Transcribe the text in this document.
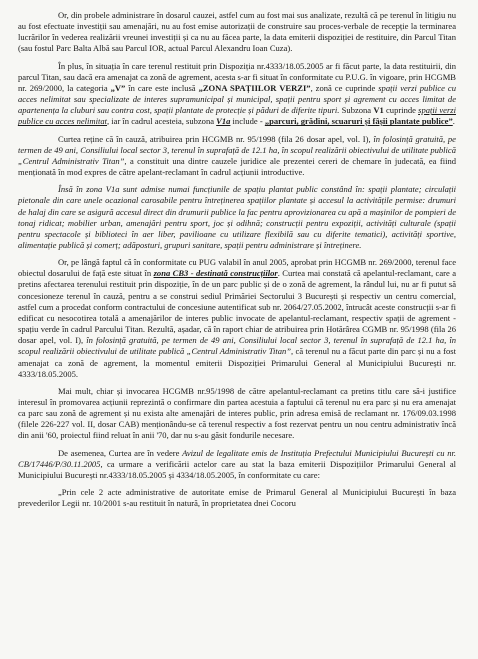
Or, din probele administrare în dosarul cauzei, astfel cum au fost mai sus analizate, rezultă că pe terenul în litigiu nu au fost efectuate investiții sau amenajări, nu au fost emise autorizații de construire sau proces-verbale de recepție la terminarea lucrărilor în vederea realizării vreunei investiții și ca nu au făcea parte, la data emiterii dispoziției de restituire, din Parcul Titan (sau fostul Parc Balta Albă sau Parcul IOR, actual Parcul Alexandru Ioan Cuza).

În plus, în situația în care terenul restituit prin Dispoziția nr.4333/18.05.2005 ar fi făcut parte, la data restituirii, din parcul Titan, sau dacă era amenajat ca zonă de agrement, acesta s-ar fi situat în conformitate cu P.U.G. în vigoare, prin HCGMB nr. 269/2000, la categoria „V” în care este inclusă „ZONA SPAȚIILOR VERZI”, zonă ce cuprinde spații verzi publice cu acces nelimitat sau specializate de interes supramunicipal și municipal, spații pentru sport și agrement cu acces limitat de apartenența la cluburi sau contra cost, spații plantate de protecție și păduri de diferite tipuri. Subzona V1 cuprinde spații verzi publice cu acces nelimitat, iar în cadrul acesteia, subzona V1a include - „parcuri, grădini, scuaruri și fâșii plantate publice”.

Curtea reține că în cauză, atribuirea prin HCGMB nr. 95/1998 (fila 26 dosar apel, vol. I), în folosință gratuită, pe termen de 49 ani, Consiliului local sector 3, terenul în suprafață de 12.1 ha, în scopul realizării obiectivului de utilitate publică „Centrul Administrativ Titan”, a constituit una dintre cauzele juridice ale prezentei cereri de chemare în judecată, ea fiind menționată în mod expres de către apelant-reclamant în cadrul acțiunii introductive.

Însă în zona V1a sunt admise numai funcțiunile de spațiu plantat public constând în: spații plantate; circulații pietonale din care unele ocazional carosabile pentru întreținerea spațiilor plantate și accesul la activitățile permise: drumuri de halaj din care se asigură accesul direct din drumurii publice la fac pentru aprovizionarea cu apă a mașinilor de pompieri de tonaj ridicat; mobilier urban, amenajări pentru sport, joc și odihnă; construcții pentru expoziții, activități culturale (spații pentru spectacole și biblioteci în aer liber, pavilioane cu utilizare flexibilă sau cu diferite tematici), activități sportive, alimentație publică și comerț; adăposturi, grupuri sanitare, spații pentru administrare și întreținere.

Or, pe lângă faptul că în conformitate cu PUG valabil în anul 2005, aprobat prin HCGMB nr. 269/2000, terenul face obiectul dosarului de față este situat în zona CB3 - destinată construcțiilor. Curtea mai constată că apelantul-reclamant, care a pretins afectarea terenului restituit prin dispoziție, în de un parc public și de o zonă de agrement, la rândul lui, nu ar fi putut să concesioneze terenul în cauză, pentru a se construi sediul Primăriei Sectorului 3 București și respectiv un centru comercial, astfel cum a procedat conform contractului de concesiune autentificat sub nr. 2064/27.05.2002, întrucât aceste construcții s-ar fi edificat cu nesocotirea totală a amenajărilor de interes public invocate de apelantul-reclamant, respectiv spații de agrement - spațiu verde în cadrul Parcului Titan. Rezultă, așadar, că în raport chiar de atribuirea prin Hotărârea CGMB nr. 95/1998 (fila 26 dosar apel, vol. I), în folosință gratuită, pe termen de 49 ani, Consiliului local sector 3, terenul în suprafață de 12.1 ha, în scopul realizării obiectivului de utilitate publică „Centrul Administrativ Titan”, că terenul nu a făcut parte din parc și nu a fost amenajat ca zonă de agrement, la momentul emiterii Dispoziției Primarului General al Municipiului București nr. 4333/18.05.2005.

Mai mult, chiar și invocarea HCGMB nr.95/1998 de către apelantul-reclamant ca pretins titlu care să-i justifice interesul în promovarea acțiunii reprezintă o confirmare din partea acestuia a faptului că terenul nu era parc și nu era amenajat ca parc sau zonă de agrement și nu exista alte amenajări de interes public, prin adresa emisă de reclamant nr. 176/09.03.1998 (filele 226-227 vol. II, dosar CAB) menționându-se că terenul respectiv a fost rezervat pentru un nou centru administrativ încă din anii '60, proiectul fiind reluat în anii '70, dar nu s-au găsit fondurile necesare.

De asemenea, Curtea are în vedere Avizul de legalitate emis de Instituția Prefectului Municipiului București cu nr. CB/17446/P/30.11.2005, ca urmare a verificării actelor care au stat la baza emiterii Dispozițiilor Primarului General al Municipiului București nr.4333/18.05.2005 și 4334/18.05.2005, în conformitate cu care:

„Prin cele 2 acte administrative de autoritate emise de Primarul General al Municipiului București în baza prevederilor Legii nr. 10/2001 s-au restituit în natură, în proprietatea dnei Cocoru
